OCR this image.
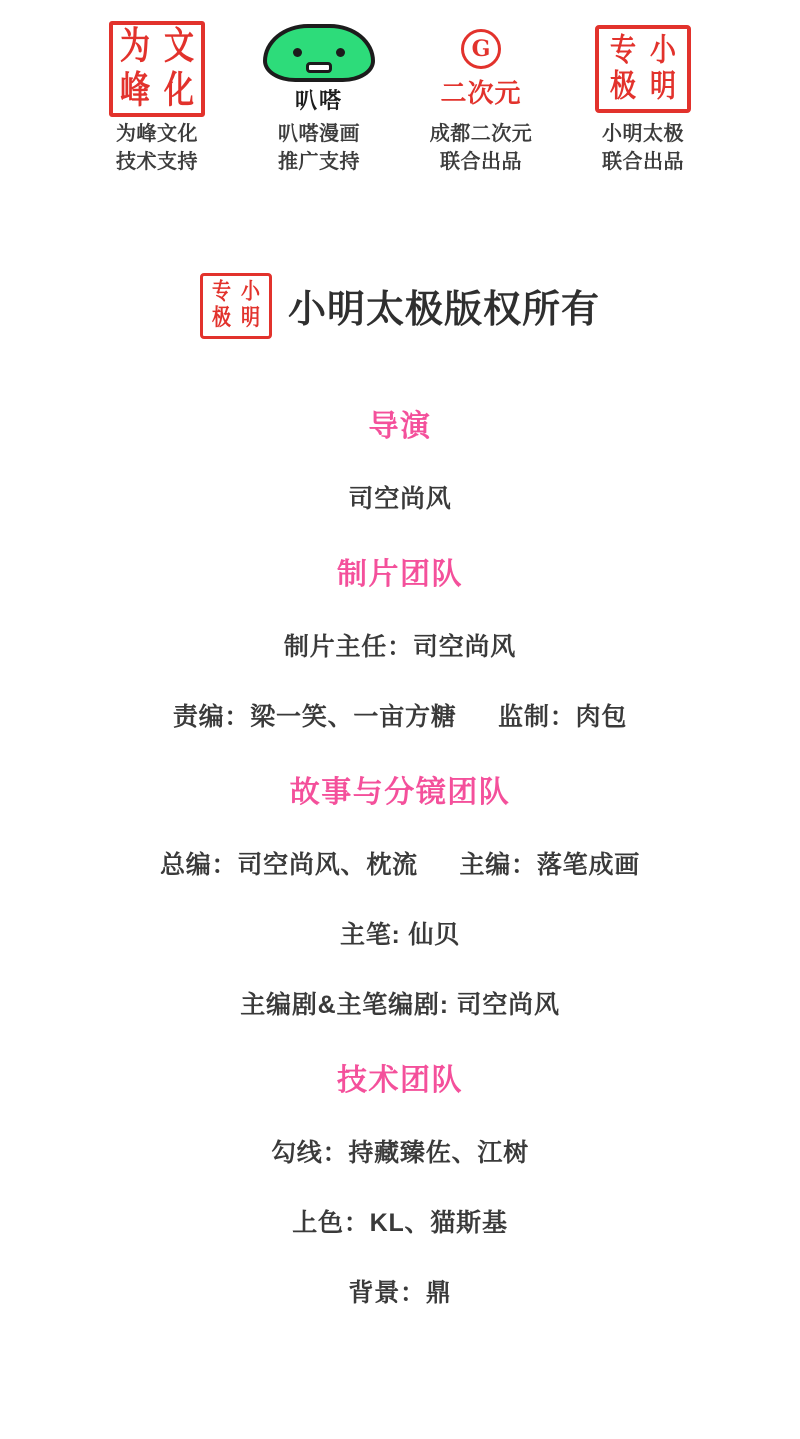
为 文
峰 化
为峰文化
技术支持
叭嗒
叭嗒漫画
推广支持
G
二次元
成都二次元
联合出品
专 小
极 明
小明太极
联合出品
专 小
极 明 小明太极版权所有
导演
司空尚风
制片团队
制片主任：司空尚风
责编：梁一笑、一亩方糖 监制：肉包
故事与分镜团队
总编：司空尚风、枕流 主编：落笔成画
主笔: 仙贝
主编剧&主笔编剧: 司空尚风
技术团队
勾线：持藏臻佐、江树
上色：KL、猫斯基
背景：鼎
